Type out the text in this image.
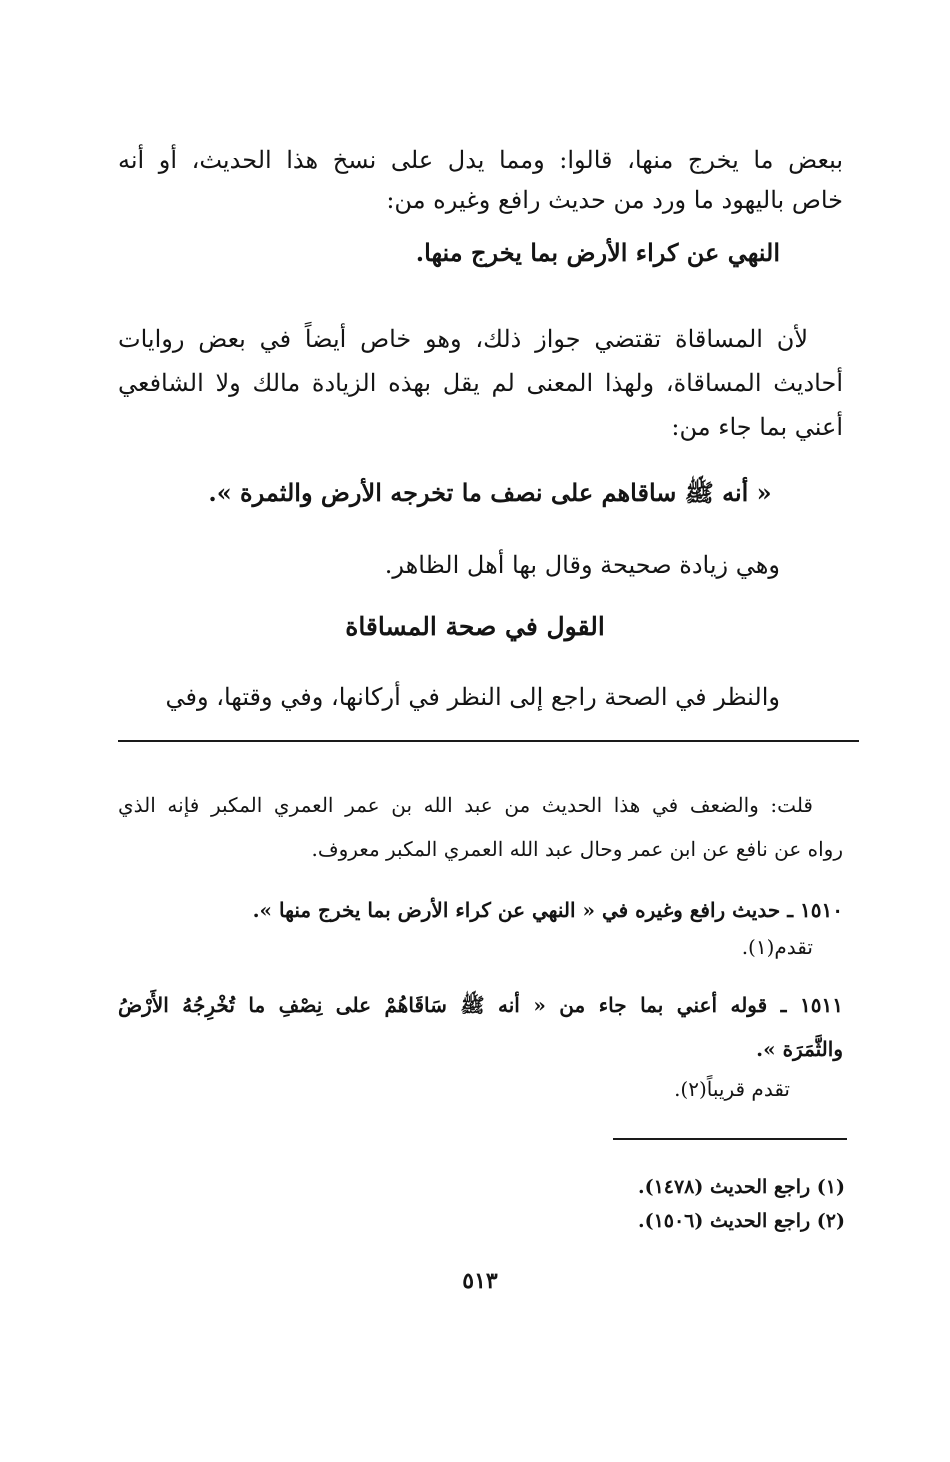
ببعض ما يخرج منها، قالوا: ومما يدل على نسخ هذا الحديث، أو أنه
خاص باليهود ما ورد من حديث رافع وغيره من:
النهي عن كراء الأرض بما يخرج منها.
لأن المساقاة تقتضي جواز ذلك، وهو خاص أيضاً في بعض روايات
أحاديث المساقاة، ولهذا المعنى لم يقل بهذه الزيادة مالك ولا الشافعي
أعني بما جاء من:
« أنه ﷺ ساقاهم على نصف ما تخرجه الأرض والثمرة ».
وهي زيادة صحيحة وقال بها أهل الظاهر.
القول في صحة المساقاة
والنظر في الصحة راجع إلى النظر في أركانها، وفي وقتها، وفي
قلت: والضعف في هذا الحديث من عبد الله بن عمر العمري المكبر فإنه الذي
رواه عن نافع عن ابن عمر وحال عبد الله العمري المكبر معروف.
١٥١٠ ـ حديث رافع وغيره في « النهي عن كراء الأرض بما يخرج منها ».
تقدم(١).
١٥١١ ـ قوله أعني بما جاء من « أنه ﷺ سَاقَاهُمْ على نِصْفِ ما تُخْرِجُهُ الأَرْضُ
والثَّمَرَة ».
تقدم قريباً(٢).
(١) راجع الحديث (١٤٧٨).
(٢) راجع الحديث (١٥٠٦).
٥١٣
